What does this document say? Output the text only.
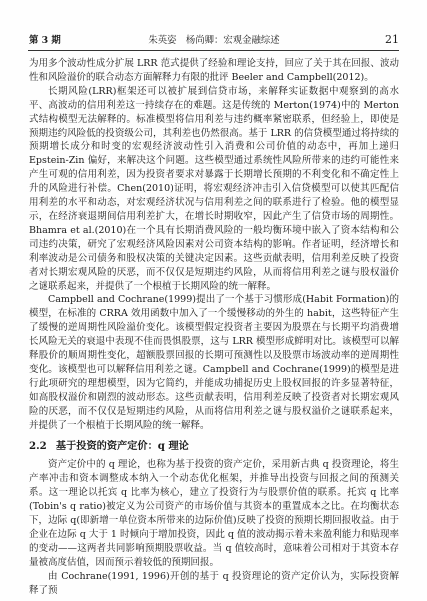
第 3 期	朱英姿　杨尚卿：宏观金融综述	21

为用多个波动性成分扩展 LRR 范式提供了经验和理论支持，回应了关于其在回报、波动性和风险溢价的联合动态方面解释力有限的批评 Beeler and Campbell(2012)。

长期风险(LRR)框架还可以被扩展到信贷市场，来解释实证数据中观察到的高水平、高波动的信用利差这一持续存在的难题。这是传统的 Merton(1974)中的 Merton 式结构模型无法解释的。标准模型将信用利差与违约概率紧密联系，但经验上，即使是预期违约风险低的投资级公司，其利差也仍然很高。基于 LRR 的信贷模型通过将持续的预期增长成分和时变的宏观经济波动性引入消费和公司价值的动态中，再加上递归 Epstein-Zin 偏好，来解决这个问题。这些模型通过系统性风险所带来的违约可能性来产生可观的信用利差，因为投资者要求对暴露于长期增长预期的不利变化和不确定性上升的风险进行补偿。Chen(2010)证明，将宏观经济冲击引入信贷模型可以使其匹配信用利差的水平和动态，对宏观经济状况与信用利差之间的联系进行了检验。他的模型显示，在经济衰退期间信用利差扩大，在增长时期收窄，因此产生了信贷市场的周期性。Bhamra et al.(2010)在一个具有长期消费风险的一般均衡环境中嵌入了资本结构和公司违约决策，研究了宏观经济风险因素对公司资本结构的影响。作者证明，经济增长和利率波动是公司债务和股权决策的关键决定因素。这些贡献表明，信用利差反映了投资者对长期宏观风险的厌恶，而不仅仅是短期违约风险，从而将信用利差之谜与股权溢价之谜联系起来，并提供了一个根植于长期风险的统一解释。

Campbell and Cochrane(1999)提出了一个基于习惯形成(Habit Formation)的模型，在标准的 CRRA 效用函数中加入了一个缓慢移动的外生的 habit，这些特征产生了缓慢的逆周期性风险溢价变化。该模型假定投资者主要因为股票在与长期平均消费增长风险无关的衰退中表现不佳而畏惧股票，这与 LRR 模型形成鲜明对比。该模型可以解释股价的顺周期性变化，超额股票回报的长期可预测性以及股票市场波动率的逆周期性变化。该模型也可以解释信用利差之谜。Campbell and Cochrane(1999)的模型是进行此项研究的理想模型，因为它简约，并能成功捕捉历史上股权回报的许多显著特征，如高股权溢价和剧烈的波动形态。这些贡献表明，信用利差反映了投资者对长期宏观风险的厌恶，而不仅仅是短期违约风险，从而将信用利差之谜与股权溢价之谜联系起来，并提供了一个根植于长期风险的统一解释。

2.2 基于投资的资产定价：q 理论

资产定价中的 q 理论，也称为基于投资的资产定价，采用新古典 q 投资理论，将生产率冲击和资本调整成本纳入一个动态优化框架，并推导出投资与回报之间的预测关系。这一理论以托宾 q 比率为核心，建立了投资行为与股票价值的联系。托宾 q 比率(Tobin's q ratio)被定义为公司资产的市场价值与其资本的重置成本之比。在均衡状态下，边际 q(即新增一单位资本所带来的边际价值)反映了投资的预期长期回报收益。由于企业在边际 q 大于 1 时倾向于增加投资，因此 q 值的波动揭示着未来盈利能力和贴现率的变动——这两者共同影响预期股票收益。当 q 值较高时，意味着公司相对于其资本存量被高度估值，因而预示着较低的预期回报。

由 Cochrane(1991, 1996)开创的基于 q 投资理论的资产定价认为，实际投资解释了预
